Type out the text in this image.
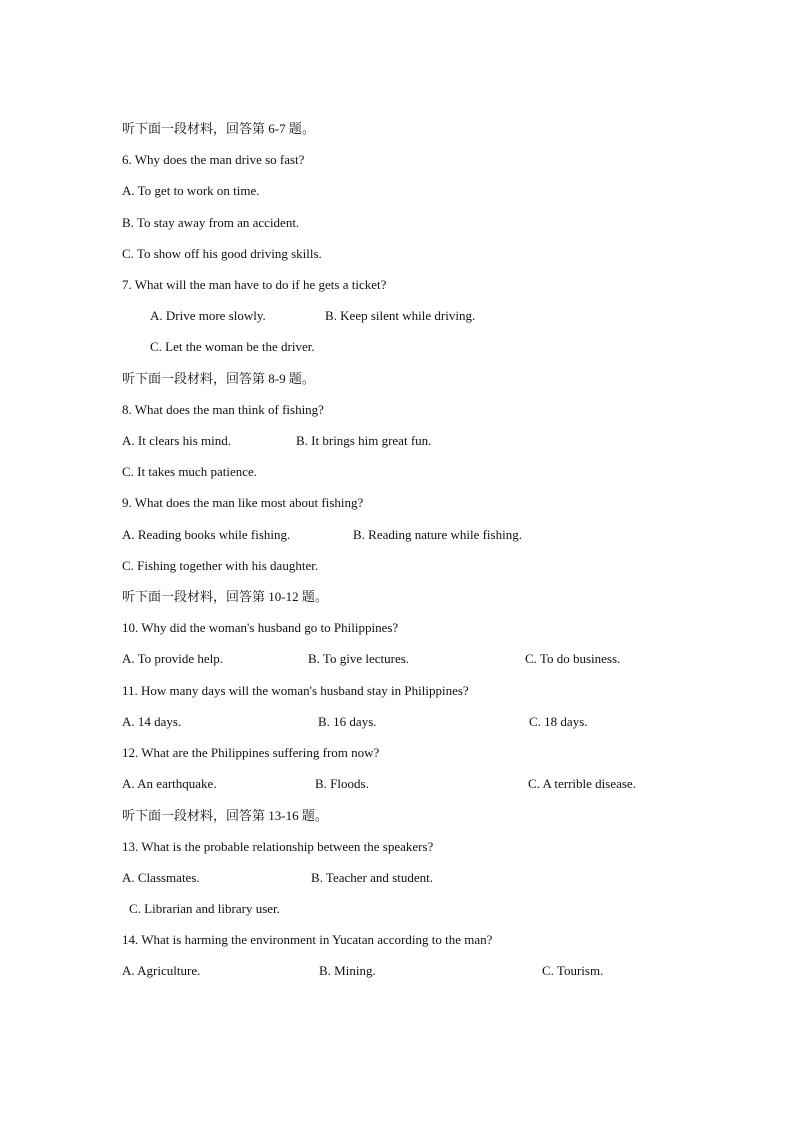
听下面一段材料，回答第 6-7 题。
6. Why does the man drive so fast?
A. To get to work on time.
B. To stay away from an accident.
C. To show off his good driving skills.
7. What will the man have to do if he gets a ticket?
A. Drive more slowly.	B. Keep silent while driving.
C. Let the woman be the driver.
听下面一段材料，回答第 8-9 题。
8. What does the man think of fishing?
A. It clears his mind.	B. It brings him great fun.
C. It takes much patience.
9. What does the man like most about fishing?
A. Reading books while fishing.	B. Reading nature while fishing.
C. Fishing together with his daughter.
听下面一段材料，回答第 10-12 题。
10. Why did the woman's husband go to Philippines?
A. To provide help.	B. To give lectures.	C. To do business.
11. How many days will the woman's husband stay in Philippines?
A. 14 days.	B. 16 days.	C. 18 days.
12. What are the Philippines suffering from now?
A. An earthquake.	B. Floods.	C. A terrible disease.
听下面一段材料，回答第 13-16 题。
13. What is the probable relationship between the speakers?
A. Classmates.	B. Teacher and student.
C. Librarian and library user.
14. What is harming the environment in Yucatan according to the man?
A. Agriculture.	B. Mining.	C. Tourism.
